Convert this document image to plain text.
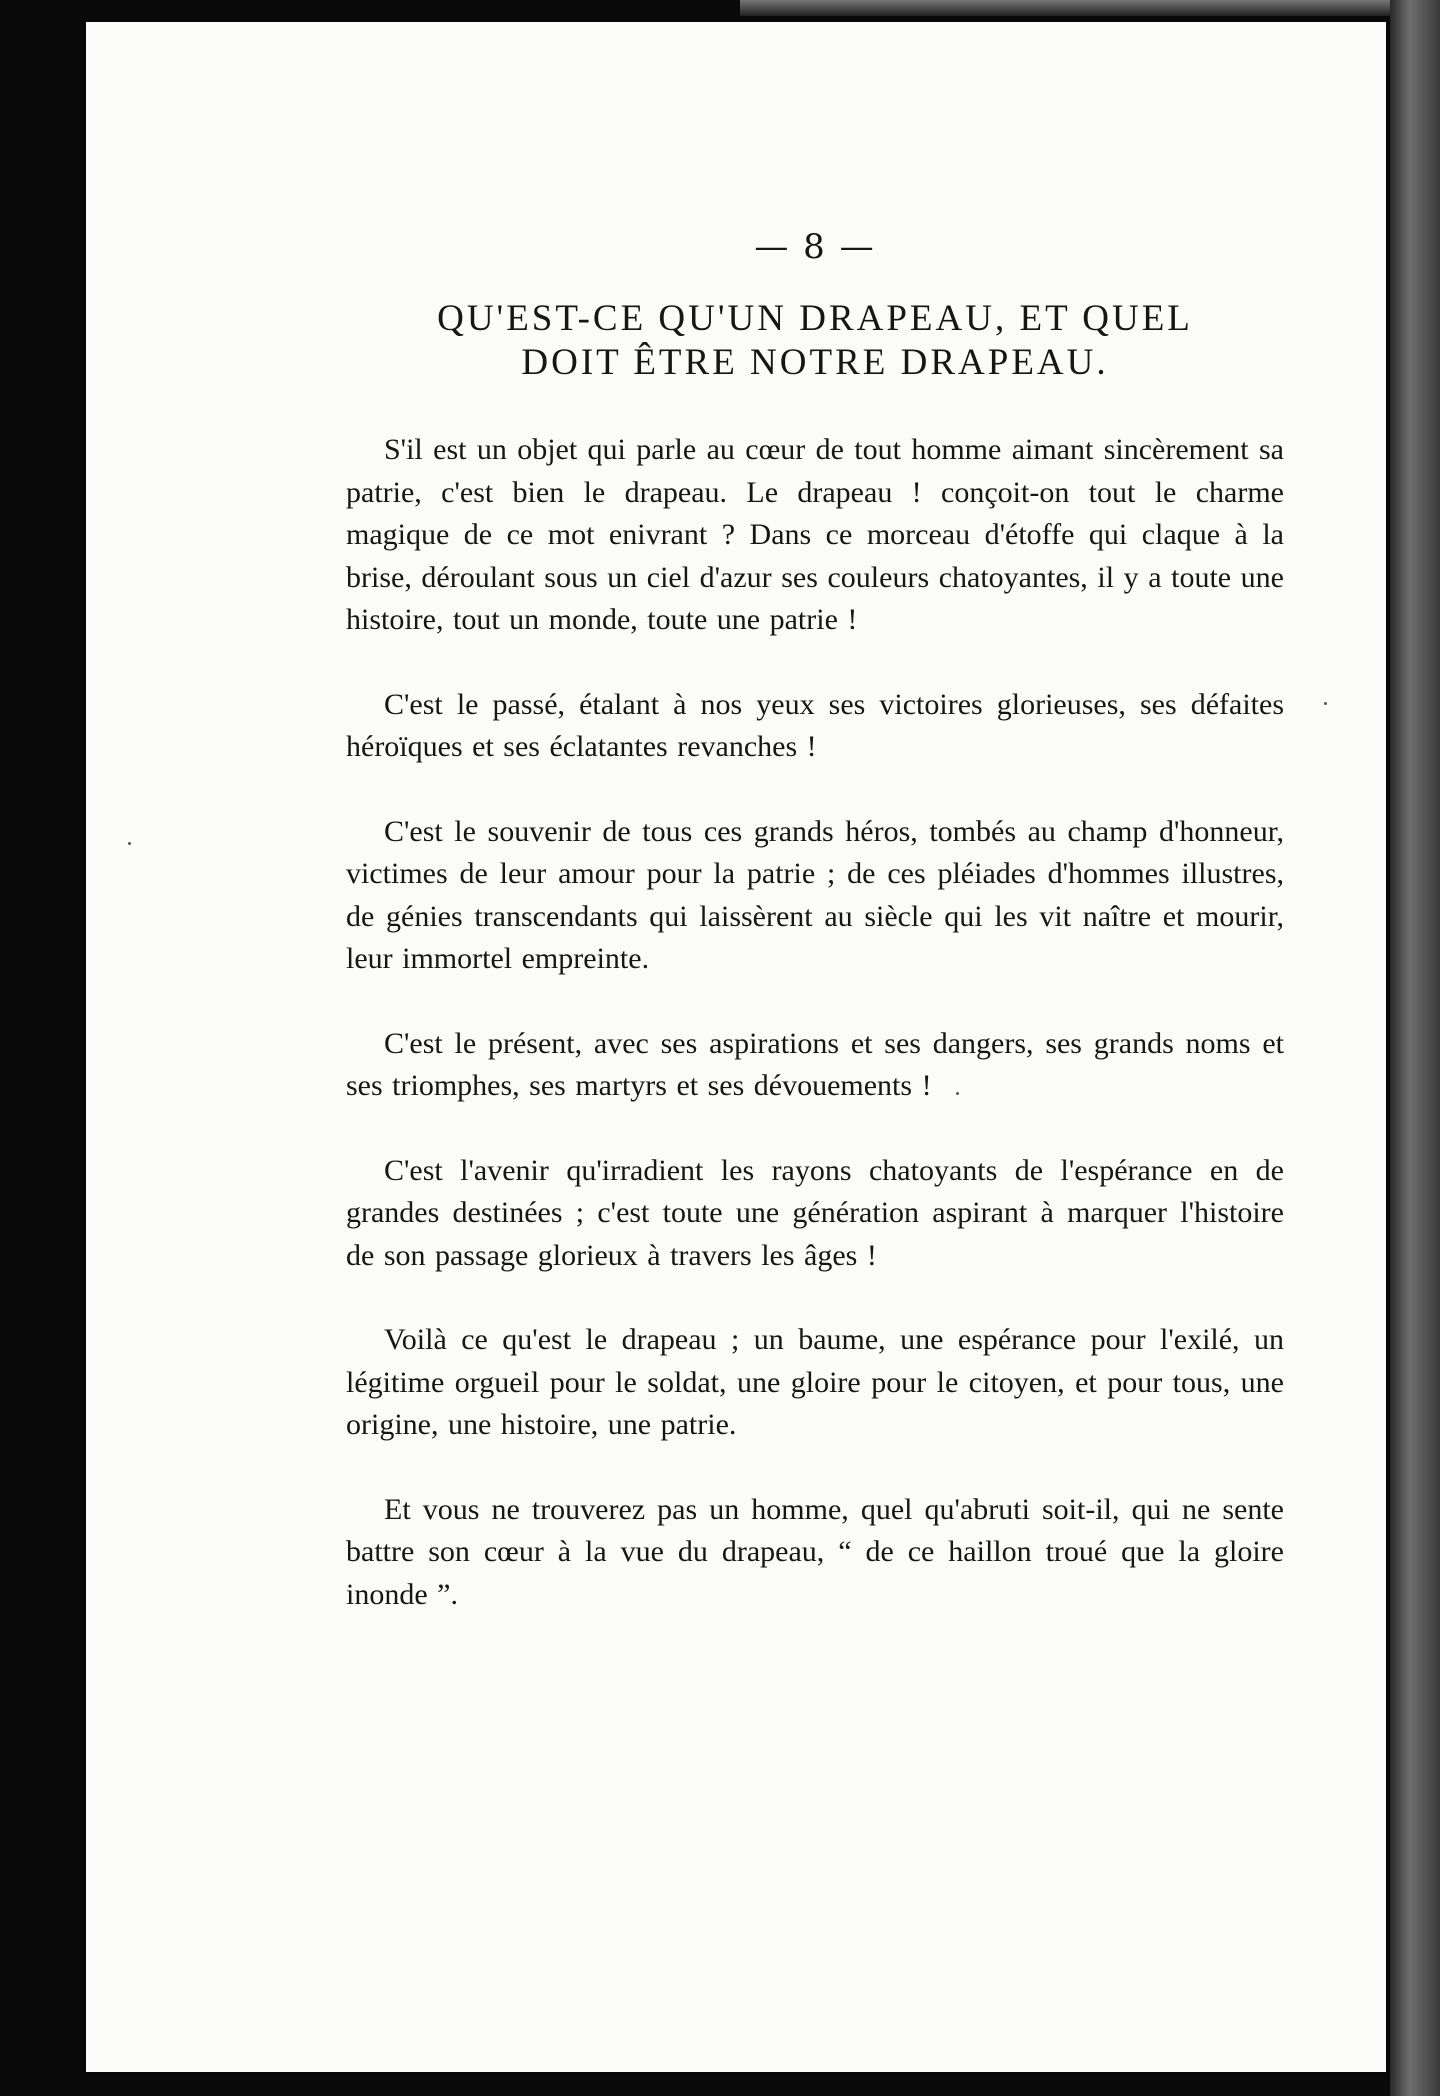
— 8 —
QU'EST-CE QU'UN DRAPEAU, ET QUEL
DOIT ÊTRE NOTRE DRAPEAU.

S'il est un objet qui parle au cœur de tout homme aimant sincèrement sa patrie, c'est bien le drapeau. Le drapeau ! conçoit-on tout le charme magique de ce mot enivrant ? Dans ce morceau d'étoffe qui claque à la brise, déroulant sous un ciel d'azur ses couleurs chatoyantes, il y a toute une histoire, tout un monde, toute une patrie !

C'est le passé, étalant à nos yeux ses victoires glorieuses, ses défaites héroïques et ses éclatantes revanches !

C'est le souvenir de tous ces grands héros, tombés au champ d'honneur, victimes de leur amour pour la patrie ; de ces pléiades d'hommes illustres, de génies transcendants qui laissèrent au siècle qui les vit naître et mourir, leur immortel empreinte.

C'est le présent, avec ses aspirations et ses dangers, ses grands noms et ses triomphes, ses martyrs et ses dévouements !

C'est l'avenir qu'irradient les rayons chatoyants de l'espérance en de grandes destinées ; c'est toute une génération aspirant à marquer l'histoire de son passage glorieux à travers les âges !

Voilà ce qu'est le drapeau ; un baume, une espérance pour l'exilé, un légitime orgueil pour le soldat, une gloire pour le citoyen, et pour tous, une origine, une histoire, une patrie.

Et vous ne trouverez pas un homme, quel qu'abruti soit-il, qui ne sente battre son cœur à la vue du drapeau, “ de ce haillon troué que la gloire inonde ”.
